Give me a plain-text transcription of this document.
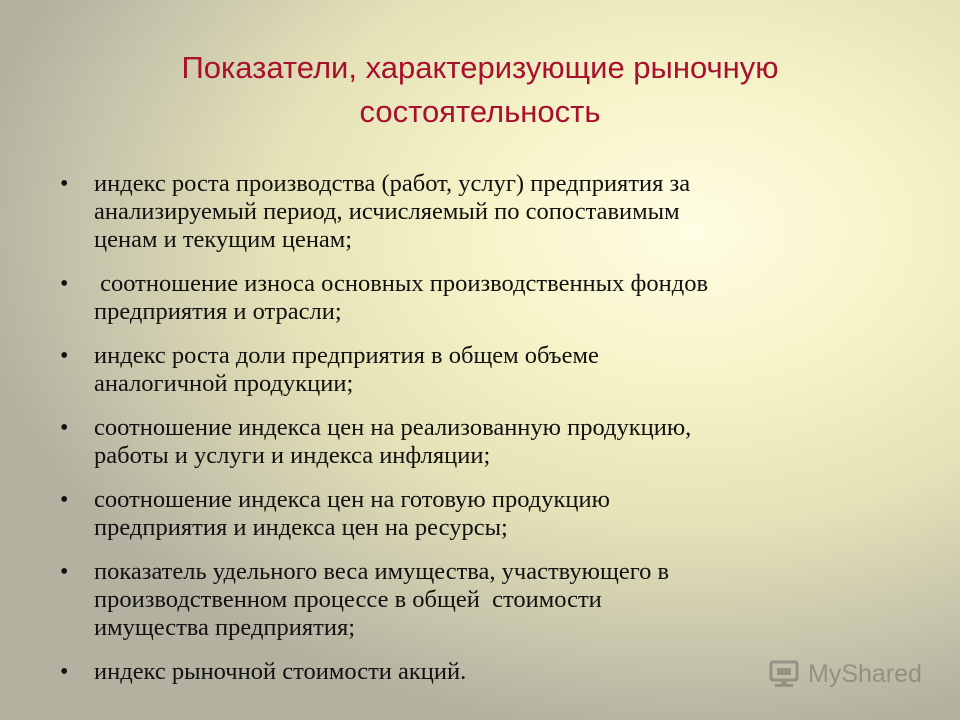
Показатели, характеризующие рыночную
состоятельность
•	индекс роста производства (работ, услуг) предприятия за
анализируемый период, исчисляемый по сопоставимым
ценам и текущим ценам;
•	соотношение износа основных производственных фондов
предприятия и отрасли;
•	индекс роста доли предприятия в общем объеме
аналогичной продукции;
•	соотношение индекса цен на реализованную продукцию,
работы и услуги и индекса инфляции;
•	соотношение индекса цен на готовую продукцию
предприятия и индекса цен на ресурсы;
•	показатель удельного веса имущества, участвующего в
производственном процессе в общей  стоимости
имущества предприятия;
•	индекс рыночной стоимости акций.	MyShared
